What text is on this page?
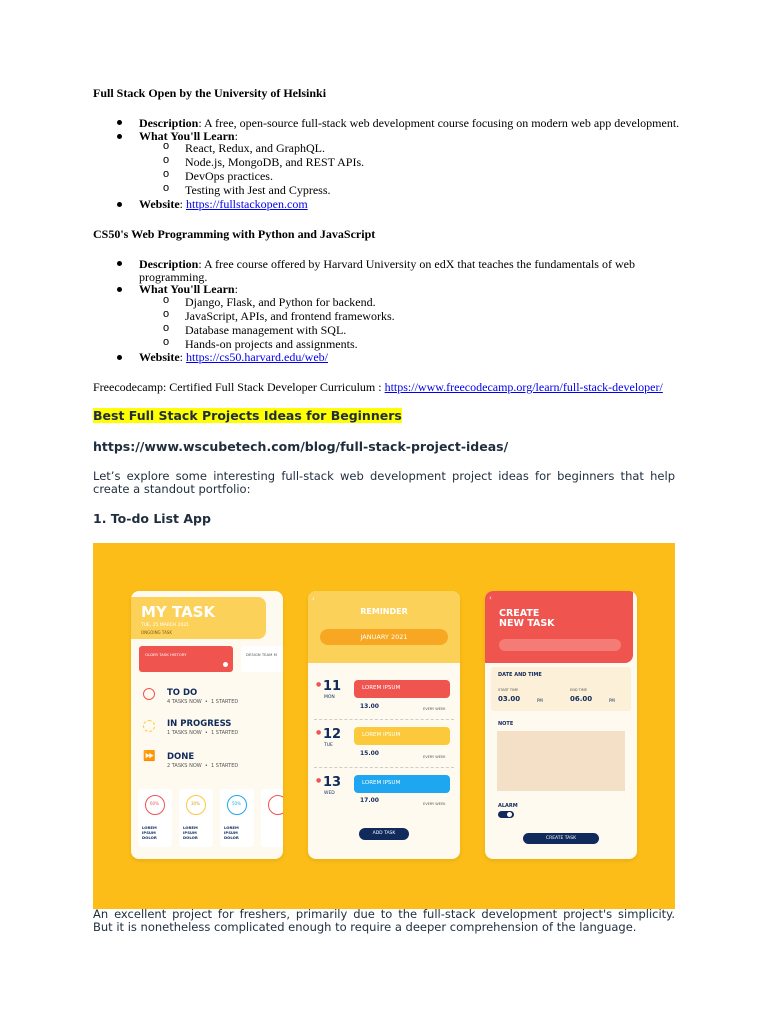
Full Stack Open by the University of Helsinki
Description: A free, open-source full-stack web development course focusing on modern web app development.
What You'll Learn:
o React, Redux, and GraphQL.
o Node.js, MongoDB, and REST APIs.
o DevOps practices.
o Testing with Jest and Cypress.
Website: https://fullstackopen.com
CS50's Web Programming with Python and JavaScript
Description: A free course offered by Harvard University on edX that teaches the fundamentals of web
programming.
What You'll Learn:
o Django, Flask, and Python for backend.
o JavaScript, APIs, and frontend frameworks.
o Database management with SQL.
o Hands-on projects and assignments.
Website: https://cs50.harvard.edu/web/
Freecodecamp: Certified Full Stack Developer Curriculum : https://www.freecodecamp.org/learn/full-stack-developer/
Best Full Stack Projects Ideas for Beginners
https://www.wscubetech.com/blog/full-stack-project-ideas/
Let’s explore some interesting full-stack web development project ideas for beginners that help
create a standout portfolio:
1. To-do List App
MY TASK
TUE, 25 MARCH 2021
ONGOING TASK
OLDER TASK HISTORY	DESIGN TEAM M
TO DO
4 TASKS NOW  •  1 STARTED
IN PROGRESS
1 TASKS NOW  •  1 STARTED
⏩ DONE
2 TASKS NOW  •  1 STARTED
60%
LOREM IPSUM DOLOR
30%
LOREM IPSUM DOLOR
50%
LOREM IPSUM DOLOR
‹
REMINDER
JANUARY 2021
● 11
MON
LOREM IPSUM
13.00	EVERY WEEK
● 12
TUE
LOREM IPSUM
15.00	EVERY WEEK
● 13
WED
LOREM IPSUM
17.00	EVERY WEEK
ADD TASK
‹
CREATE
NEW TASK
DATE AND TIME
START TIME	END TIME
03.00	PM	06.00	PM
NOTE
ALARM
CREATE TASK
An excellent project for freshers, primarily due to the full-stack development project's simplicity.
But it is nonetheless complicated enough to require a deeper comprehension of the language.
